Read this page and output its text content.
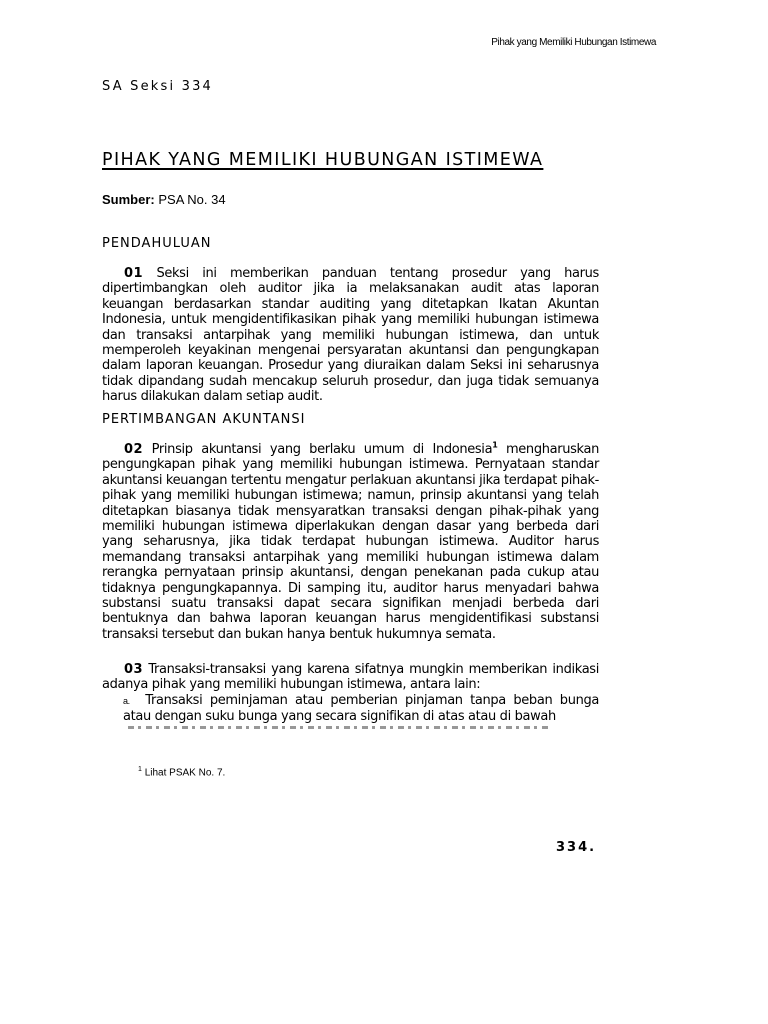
Pihak yang Memiliki Hubungan Istimewa
SA Seksi 334
PIHAK YANG MEMILIKI HUBUNGAN ISTIMEWA
Sumber: PSA No. 34
PENDAHULUAN

01 Seksi ini memberikan panduan tentang prosedur yang harus dipertimbangkan oleh auditor jika ia melaksanakan audit atas laporan keuangan berdasarkan standar auditing yang ditetapkan Ikatan Akuntan Indonesia, untuk mengidentifikasikan pihak yang memiliki hubungan istimewa dan transaksi antarpihak yang memiliki hubungan istimewa, dan untuk memperoleh keyakinan mengenai persyaratan akuntansi dan pengungkapan dalam laporan keuangan. Prosedur yang diuraikan dalam Seksi ini seharusnya tidak dipandang sudah mencakup seluruh prosedur, dan juga tidak semuanya harus dilakukan dalam setiap audit.

PERTIMBANGAN AKUNTANSI

02 Prinsip akuntansi yang berlaku umum di Indonesia$^1$ mengharuskan pengungkapan pihak yang memiliki hubungan istimewa. Pernyataan standar akuntansi keuangan tertentu mengatur perlakuan akuntansi jika terdapat pihak-pihak yang memiliki hubungan istimewa; namun, prinsip akuntansi yang telah ditetapkan biasanya tidak mensyaratkan transaksi dengan pihak-pihak yang memiliki hubungan istimewa diperlakukan dengan dasar yang berbeda dari yang seharusnya, jika tidak terdapat hubungan istimewa. Auditor harus memandang transaksi antarpihak yang memiliki hubungan istimewa dalam rerangka pernyataan prinsip akuntansi, dengan penekanan pada cukup atau tidaknya pengungkapannya. Di samping itu, auditor harus menyadari bahwa substansi suatu transaksi dapat secara signifikan menjadi berbeda dari bentuknya dan bahwa laporan keuangan harus mengidentifikasi substansi transaksi tersebut dan bukan hanya bentuk hukumnya semata.

03 Transaksi-transaksi yang karena sifatnya mungkin memberikan indikasi adanya pihak yang memiliki hubungan istimewa, antara lain:

a. Transaksi peminjaman atau pemberian pinjaman tanpa beban bunga atau dengan suku bunga yang secara signifikan di atas atau di bawah

$^1$ Lihat PSAK No. 7.
334.
